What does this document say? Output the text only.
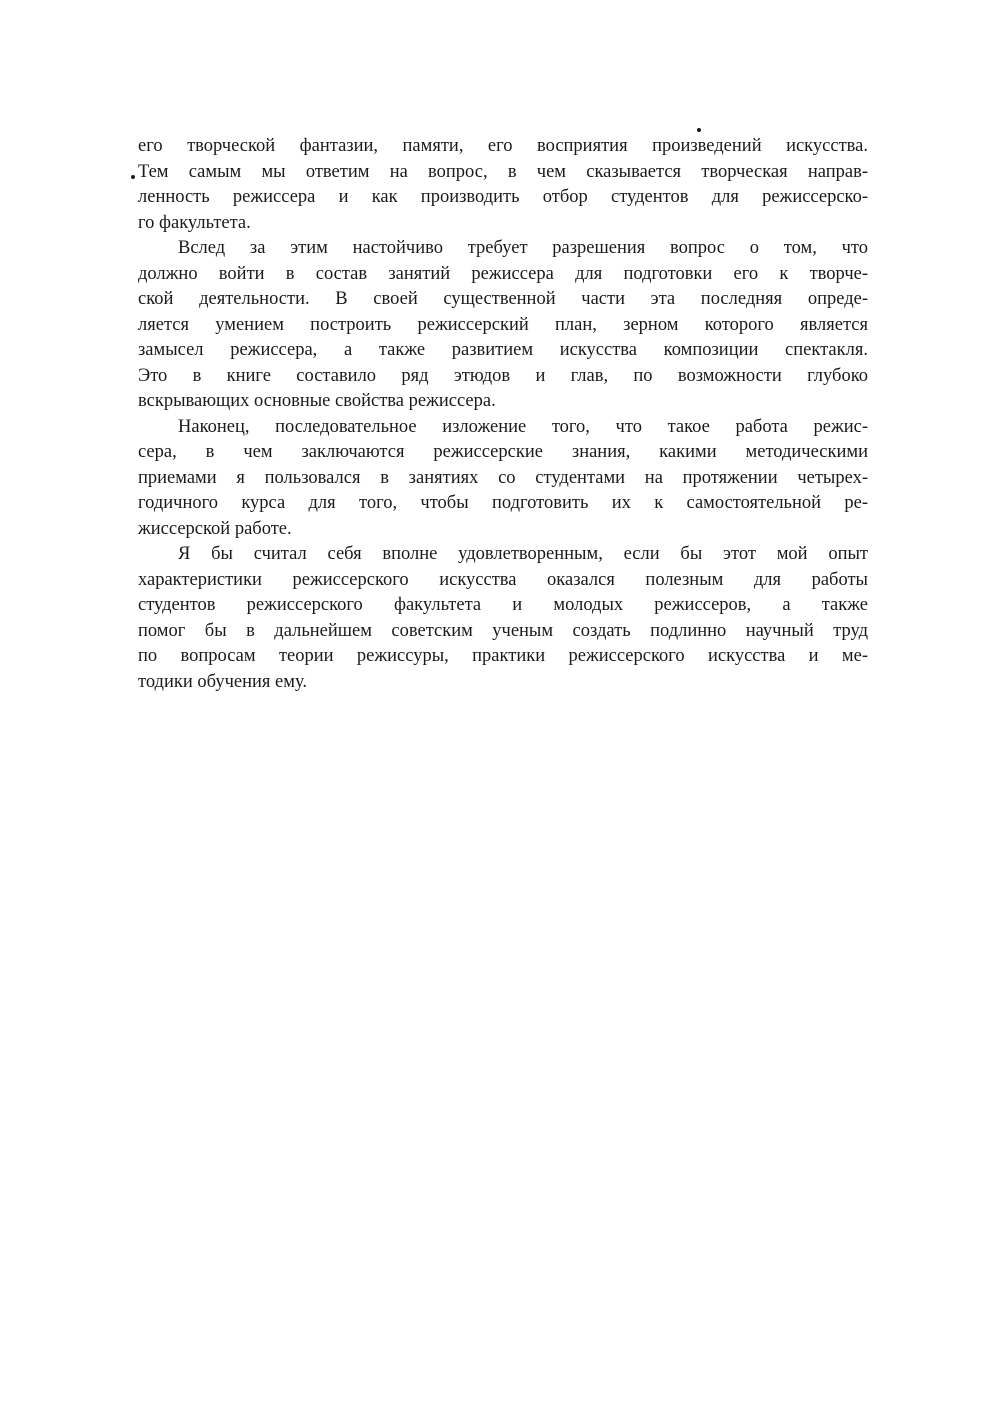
его творческой фантазии, памяти, его восприятия произведений искусства.
Тем самым мы ответим на вопрос, в чем сказывается творческая направ-
ленность режиссера и как производить отбор студентов для режиссерско-
го факультета.
Вслед за этим настойчиво требует разрешения вопрос о том, что
должно войти в состав занятий режиссера для подготовки его к творче-
ской деятельности. В своей существенной части эта последняя опреде-
ляется умением построить режиссерский план, зерном которого является
замысел режиссера, а также развитием искусства композиции спектакля.
Это в книге составило ряд этюдов и глав, по возможности глубоко
вскрывающих основные свойства режиссера.
Наконец, последовательное изложение того, что такое работа режис-
сера, в чем заключаются режиссерские знания, какими методическими
приемами я пользовался в занятиях со студентами на протяжении четырех-
годичного курса для того, чтобы подготовить их к самостоятельной ре-
жиссерской работе.
Я бы считал себя вполне удовлетворенным, если бы этот мой опыт
характеристики режиссерского искусства оказался полезным для работы
студентов режиссерского факультета и молодых режиссеров, а также
помог бы в дальнейшем советским ученым создать подлинно научный труд
по вопросам теории режиссуры, практики режиссерского искусства и ме-
тодики обучения ему.
